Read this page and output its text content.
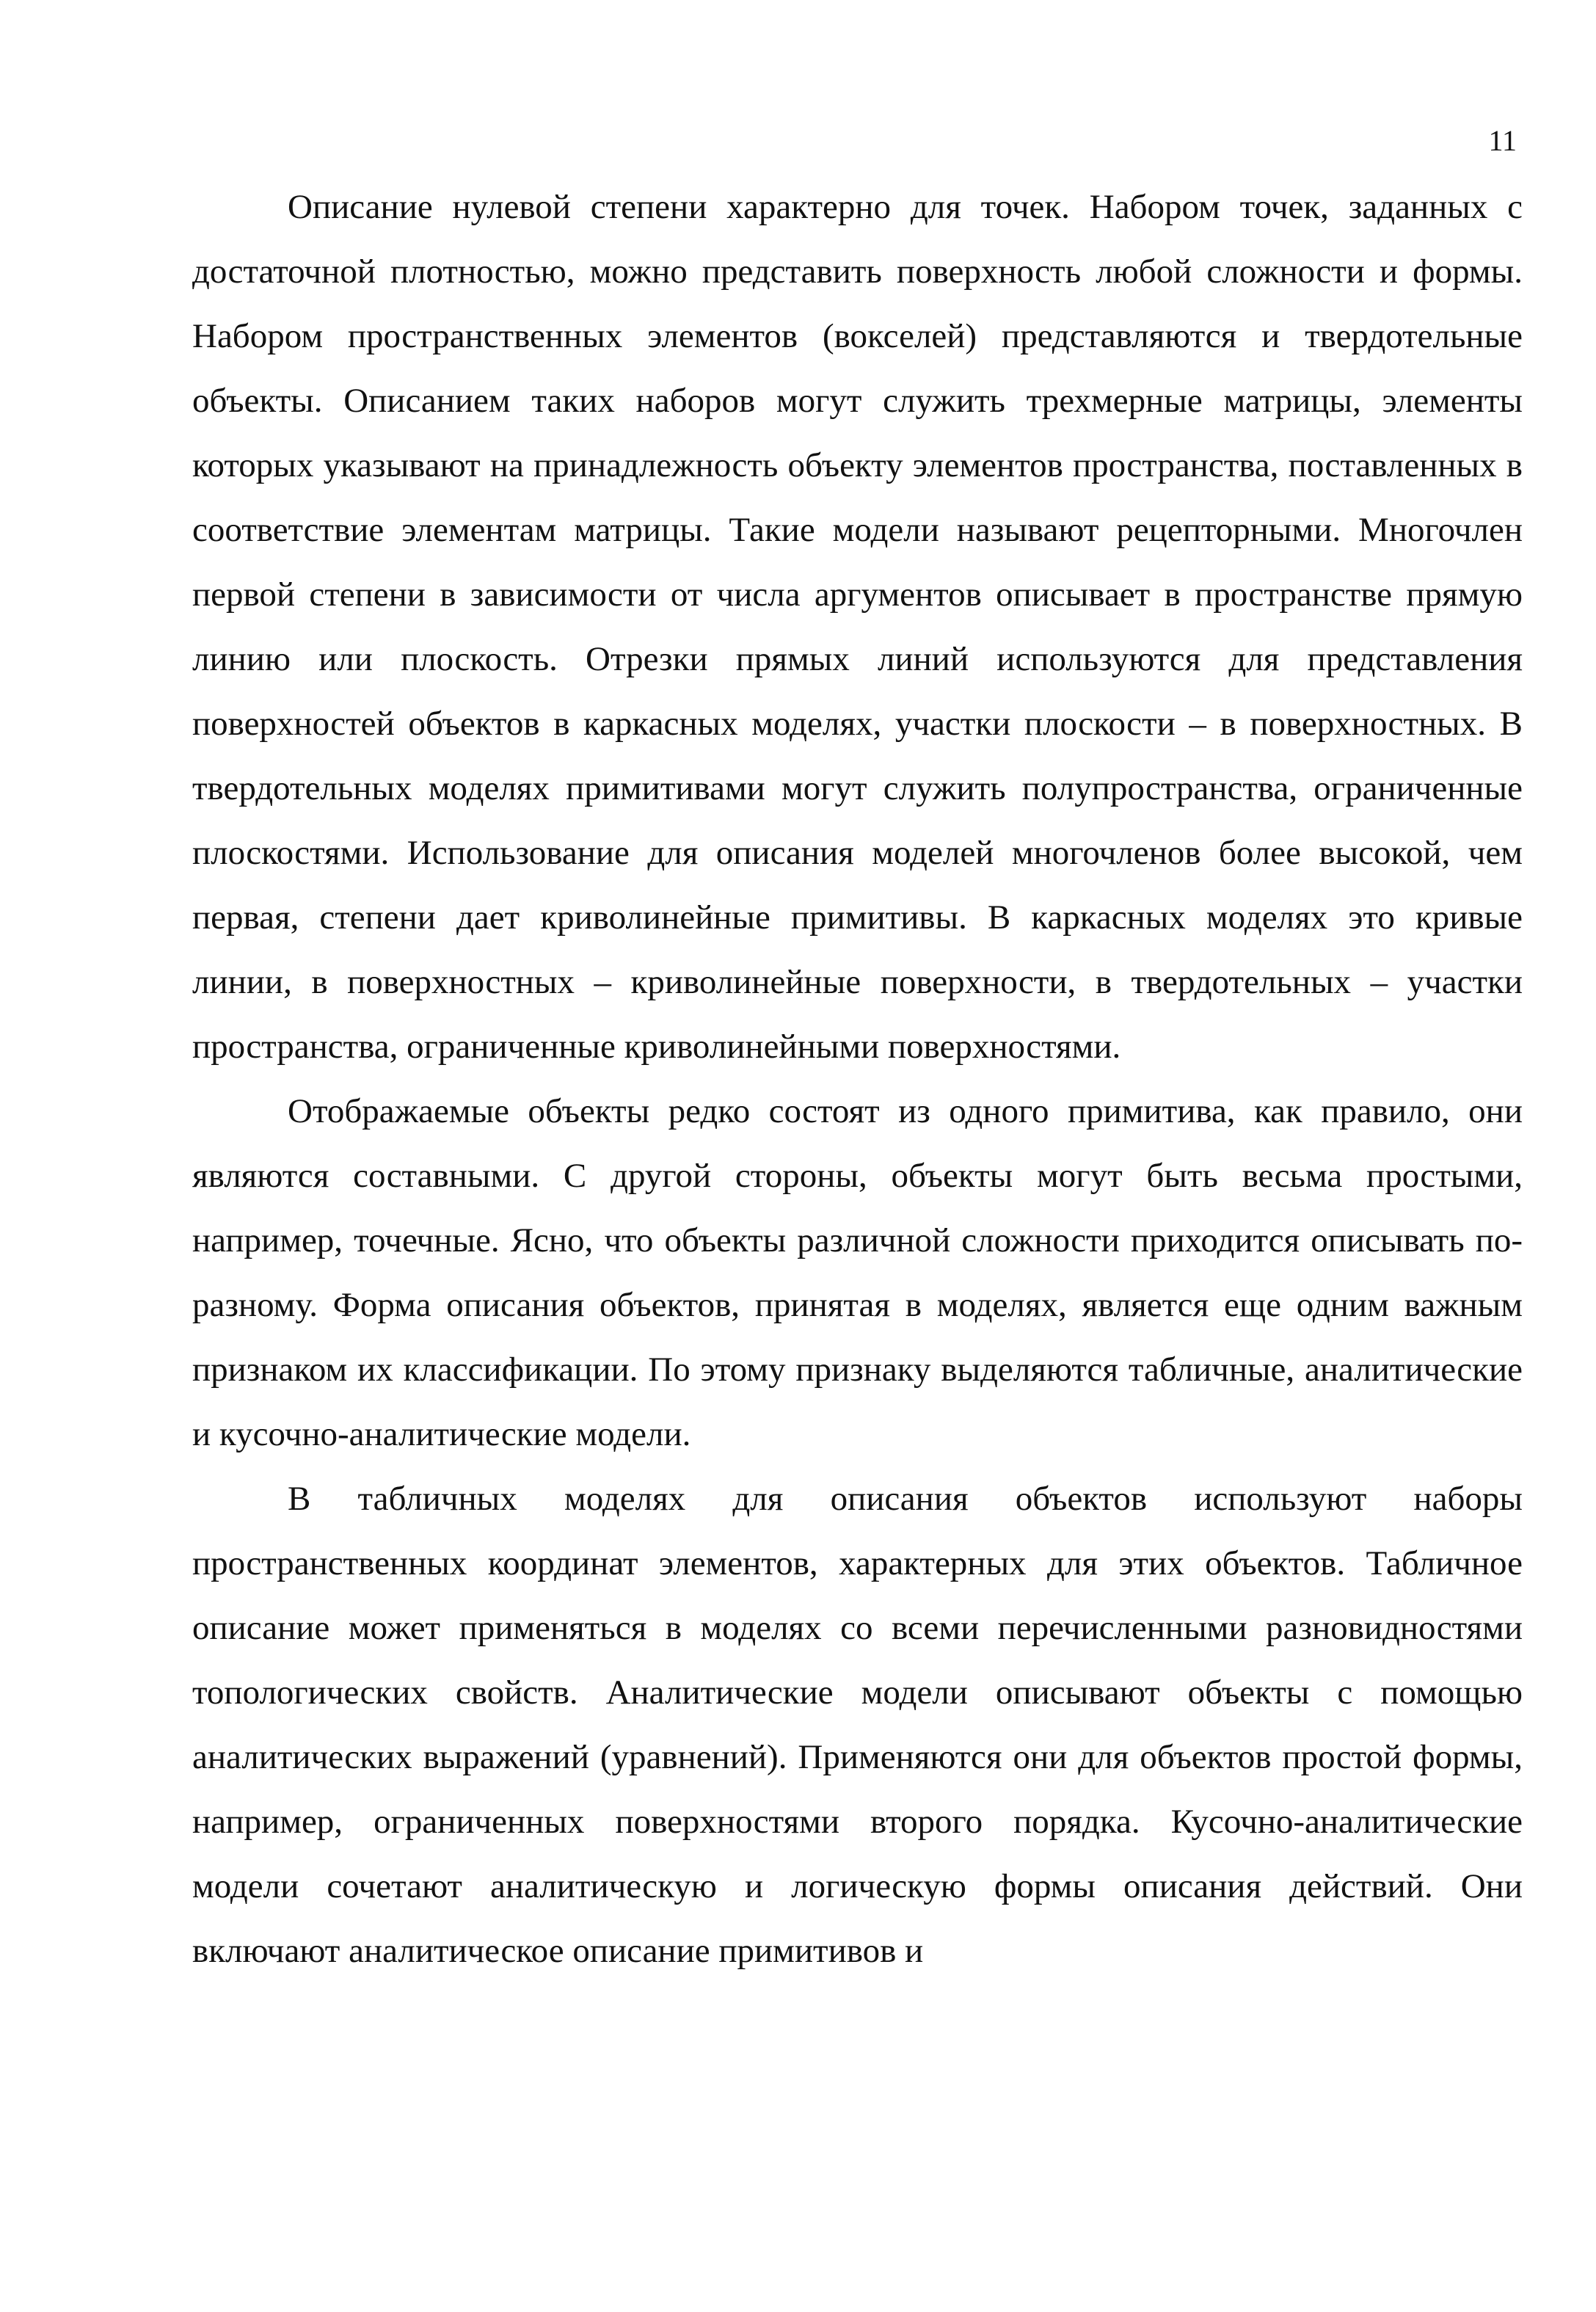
11

Описание нулевой степени характерно для точек. Набором точек, заданных с достаточной плотностью, можно представить поверхность любой сложности и формы. Набором пространственных элементов (вокселей) представляются и твердотельные объекты. Описанием таких наборов могут служить трехмерные матрицы, элементы которых указывают на принадлежность объекту элементов пространства, поставленных в соответствие элементам матрицы. Такие модели называют рецепторными. Многочлен первой степени в зависимости от числа аргументов описывает в пространстве прямую линию или плоскость. Отрезки прямых линий используются для представления поверхностей объектов в каркасных моделях, участки плоскости – в поверхностных. В твердотельных моделях примитивами могут служить полупространства, ограниченные плоскостями. Использование для описания моделей многочленов более высокой, чем первая, степени дает криволинейные примитивы. В каркасных моделях это кривые линии, в поверхностных – криволинейные поверхности, в твердотельных – участки пространства, ограниченные криволинейными поверхностями.

Отображаемые объекты редко состоят из одного примитива, как правило, они являются составными. С другой стороны, объекты могут быть весьма простыми, например, точечные. Ясно, что объекты различной сложности приходится описывать по-разному. Форма описания объектов, принятая в моделях, является еще одним важным признаком их классификации. По этому признаку выделяются табличные, аналитические и кусочно-аналитические модели.

В табличных моделях для описания объектов используют наборы пространственных координат элементов, характерных для этих объектов. Табличное описание может применяться в моделях со всеми перечисленными разновидностями топологических свойств. Аналитические модели описывают объекты с помощью аналитических выражений (уравнений). Применяются они для объектов простой формы, например, ограниченных поверхностями второго порядка. Кусочно-аналитические модели сочетают аналитическую и логическую формы описания действий. Они включают аналитическое описание примитивов и
